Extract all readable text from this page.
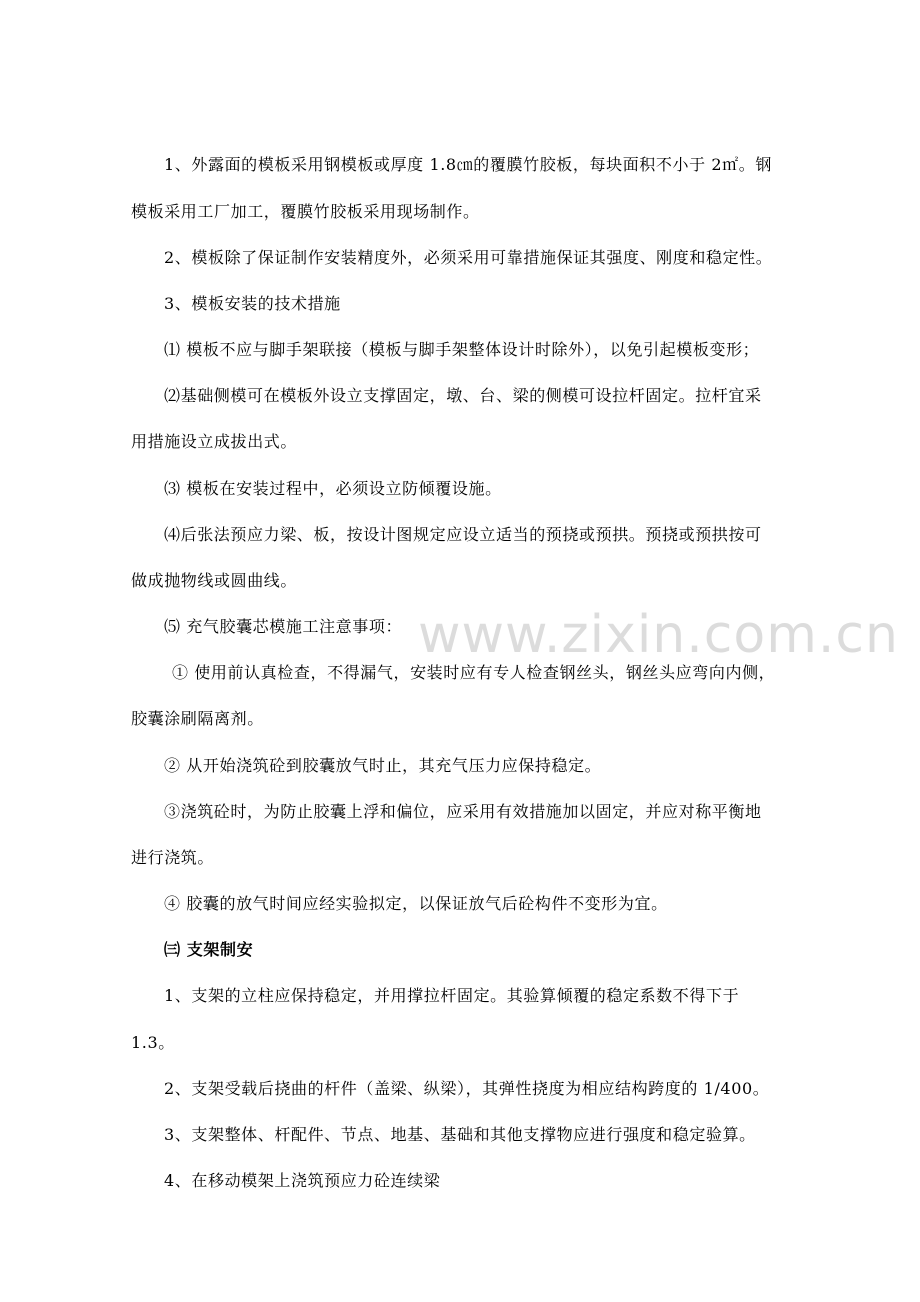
www.zixin.com.cn
1、外露面的模板采用钢模板或厚度 1.8㎝的覆膜竹胶板，每块面积不小于 2㎡。钢
模板采用工厂加工，覆膜竹胶板采用现场制作。
2、模板除了保证制作安装精度外，必须采用可靠措施保证其强度、刚度和稳定性。
3、模板安装的技术措施
⑴ 模板不应与脚手架联接（模板与脚手架整体设计时除外），以免引起模板变形；
⑵基础侧模可在模板外设立支撑固定，墩、台、梁的侧模可设拉杆固定。拉杆宜采
用措施设立成拔出式。
⑶ 模板在安装过程中，必须设立防倾覆设施。
⑷后张法预应力梁、板，按设计图规定应设立适当的预挠或预拱。预挠或预拱按可
做成抛物线或圆曲线。
⑸ 充气胶囊芯模施工注意事项：
① 使用前认真检查，不得漏气，安装时应有专人检查钢丝头，钢丝头应弯向内侧，
胶囊涂刷隔离剂。
② 从开始浇筑砼到胶囊放气时止，其充气压力应保持稳定。
③浇筑砼时，为防止胶囊上浮和偏位，应采用有效措施加以固定，并应对称平衡地
进行浇筑。
④ 胶囊的放气时间应经实验拟定，以保证放气后砼构件不变形为宜。
㈢ 支架制安
1、支架的立柱应保持稳定，并用撑拉杆固定。其验算倾覆的稳定系数不得下于
1.3。
2、支架受载后挠曲的杆件（盖梁、纵梁），其弹性挠度为相应结构跨度的 1/400。
3、支架整体、杆配件、节点、地基、基础和其他支撑物应进行强度和稳定验算。
4、在移动模架上浇筑预应力砼连续梁
